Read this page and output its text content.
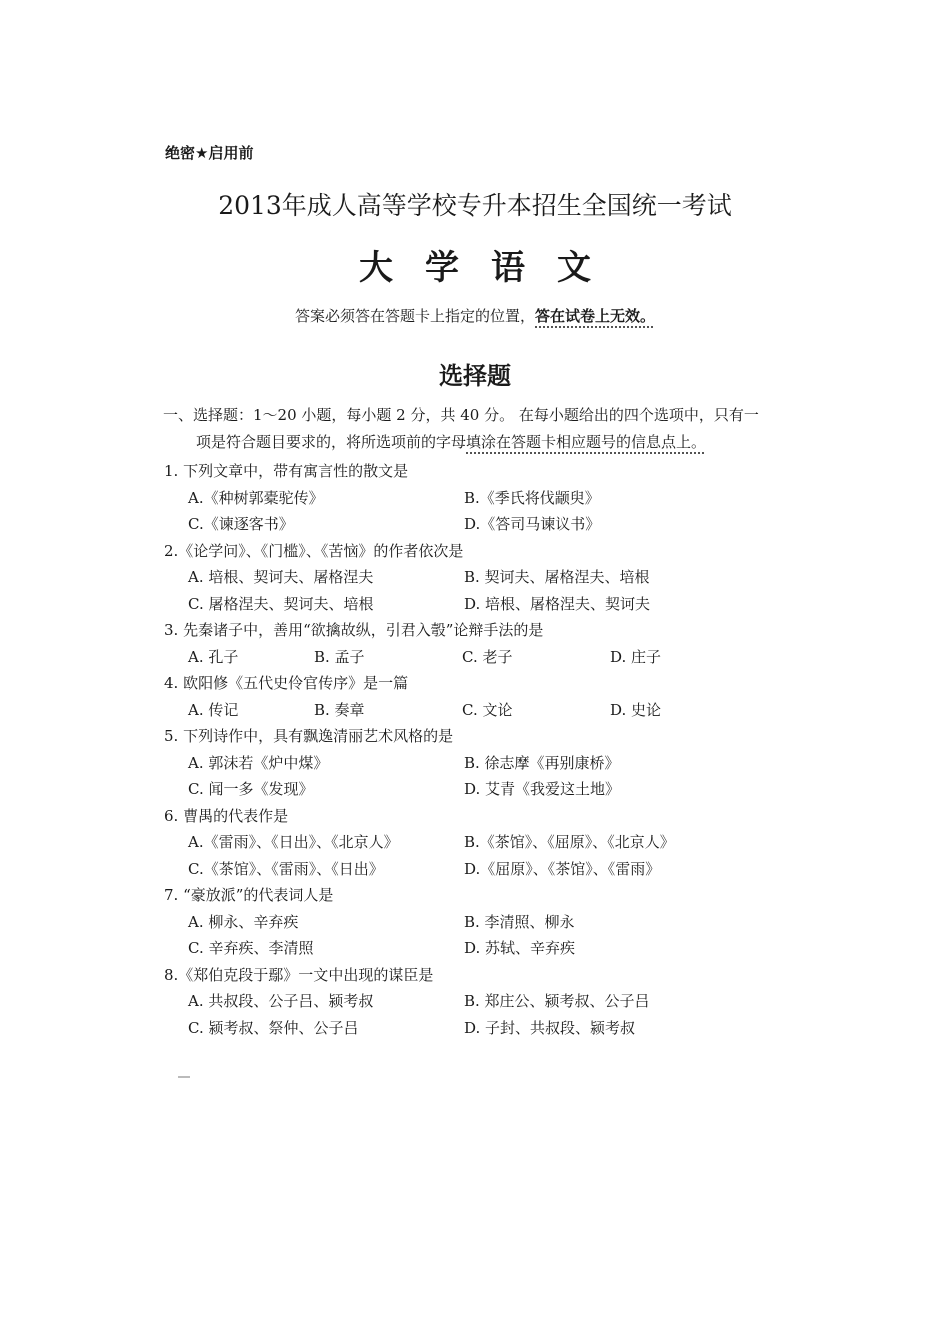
绝密★启用前
2013年成人高等学校专升本招生全国统一考试
大学语文
答案必须答在答题卡上指定的位置，答在试卷上无效。
选择题
一、选择题：1～20 小题，每小题 2 分，共 40 分。 在每小题给出的四个选项中，只有一
项是符合题目要求的，将所选项前的字母填涂在答题卡相应题号的信息点上。
1. 下列文章中，带有寓言性的散文是
A.《种树郭橐驼传》	B.《季氏将伐颛臾》
C.《谏逐客书》	D.《答司马谏议书》
2.《论学问》、《门槛》、《苦恼》的作者依次是
A. 培根、契诃夫、屠格涅夫	B. 契诃夫、屠格涅夫、培根
C. 屠格涅夫、契诃夫、培根	D. 培根、屠格涅夫、契诃夫
3. 先秦诸子中，善用“欲擒故纵，引君入彀”论辩手法的是
A. 孔子	B. 孟子	C. 老子	D. 庄子
4. 欧阳修《五代史伶官传序》是一篇
A. 传记	B. 奏章	C. 文论	D. 史论
5. 下列诗作中，具有飘逸清丽艺术风格的是
A. 郭沫若《炉中煤》	B. 徐志摩《再别康桥》
C. 闻一多《发现》	D. 艾青《我爱这土地》
6. 曹禺的代表作是
A.《雷雨》、《日出》、《北京人》	B.《茶馆》、《屈原》、《北京人》
C.《茶馆》、《雷雨》、《日出》	D.《屈原》、《茶馆》、《雷雨》
7. “豪放派”的代表词人是
A. 柳永、辛弃疾	B. 李清照、柳永
C. 辛弃疾、李清照	D. 苏轼、辛弃疾
8.《郑伯克段于鄢》一文中出现的谋臣是
A. 共叔段、公子吕、颍考叔	B. 郑庄公、颍考叔、公子吕
C. 颍考叔、祭仲、公子吕	D. 子封、共叔段、颍考叔
